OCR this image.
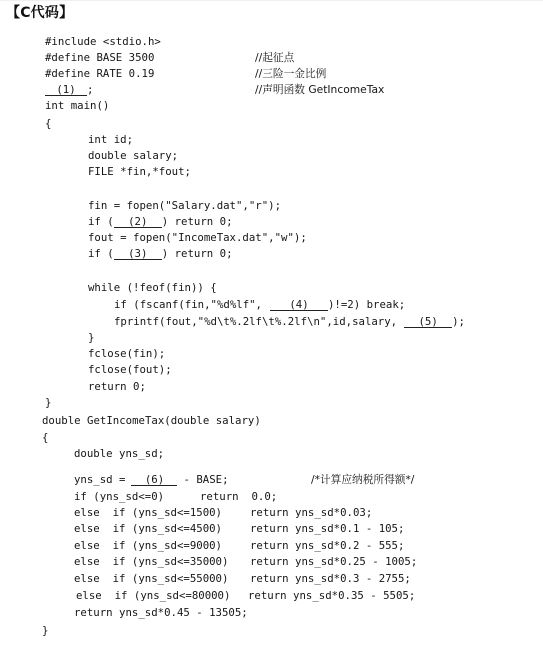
【C代码】
#include <stdio.h>
#define BASE 3500	//起征点
#define RATE 0.19	//三险一金比例
(1) ;	//声明函数 GetIncomeTax
int main()
{
int id;
double salary;
FILE *fin,*fout;
fin = fopen("Salary.dat","r");
if ( (2) ) return 0;
fout = fopen("IncomeTax.dat","w");
if ( (3) ) return 0;
while (!feof(fin)) {
if (fscanf(fin,"%d%lf",	(4) )!=2) break;
fprintf(fout,"%d\t%.2lf\t%.2lf\n",id,salary, (5) );
}
fclose(fin);
fclose(fout);
return 0;
}
double GetIncomeTax(double salary)
{
double yns_sd;
yns_sd = (6) - BASE;	/*计算应纳税所得额*/
if (yns_sd<=0)	return  0.0;
else  if (yns_sd<=1500)	return yns_sd*0.03;
else  if (yns_sd<=4500)	return yns_sd*0.1 - 105;
else  if (yns_sd<=9000)	return yns_sd*0.2 - 555;
else  if (yns_sd<=35000) return yns_sd*0.25 - 1005;
else  if (yns_sd<=55000) return yns_sd*0.3 - 2755;
else  if (yns_sd<=80000) return yns_sd*0.35 - 5505;
return yns_sd*0.45 - 13505;
}
